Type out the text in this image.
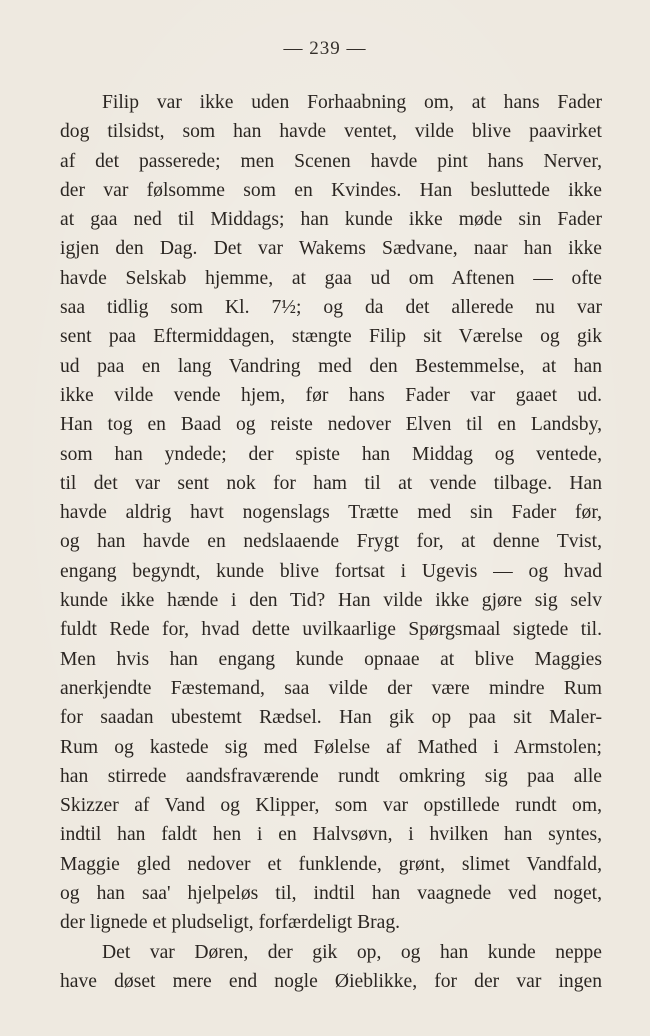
— 239 —
Filip var ikke uden Forhaabning om, at hans Fader
dog tilsidst, som han havde ventet, vilde blive paavirket
af det passerede; men Scenen havde pint hans Nerver,
der var følsomme som en Kvindes. Han besluttede ikke
at gaa ned til Middags; han kunde ikke møde sin Fader
igjen den Dag. Det var Wakems Sædvane, naar han ikke
havde Selskab hjemme, at gaa ud om Aftenen — ofte
saa tidlig som Kl. 7½; og da det allerede nu var
sent paa Eftermiddagen, stængte Filip sit Værelse og gik
ud paa en lang Vandring med den Bestemmelse, at han
ikke vilde vende hjem, før hans Fader var gaaet ud.
Han tog en Baad og reiste nedover Elven til en Landsby,
som han yndede; der spiste han Middag og ventede,
til det var sent nok for ham til at vende tilbage. Han
havde aldrig havt nogenslags Trætte med sin Fader før,
og han havde en nedslaaende Frygt for, at denne Tvist,
engang begyndt, kunde blive fortsat i Ugevis — og hvad
kunde ikke hænde i den Tid? Han vilde ikke gjøre sig selv
fuldt Rede for, hvad dette uvilkaarlige Spørgsmaal sigtede til.
Men hvis han engang kunde opnaae at blive Maggies
anerkjendte Fæstemand, saa vilde der være mindre Rum
for saadan ubestemt Rædsel. Han gik op paa sit Maler-
Rum og kastede sig med Følelse af Mathed i Armstolen;
han stirrede aandsfraværende rundt omkring sig paa alle
Skizzer af Vand og Klipper, som var opstillede rundt om,
indtil han faldt hen i en Halvsøvn, i hvilken han syntes,
Maggie gled nedover et funklende, grønt, slimet Vandfald,
og han saa' hjelpeløs til, indtil han vaagnede ved noget,
der lignede et pludseligt, forfærdeligt Brag.
Det var Døren, der gik op, og han kunde neppe
have døset mere end nogle Øieblikke, for der var ingen
